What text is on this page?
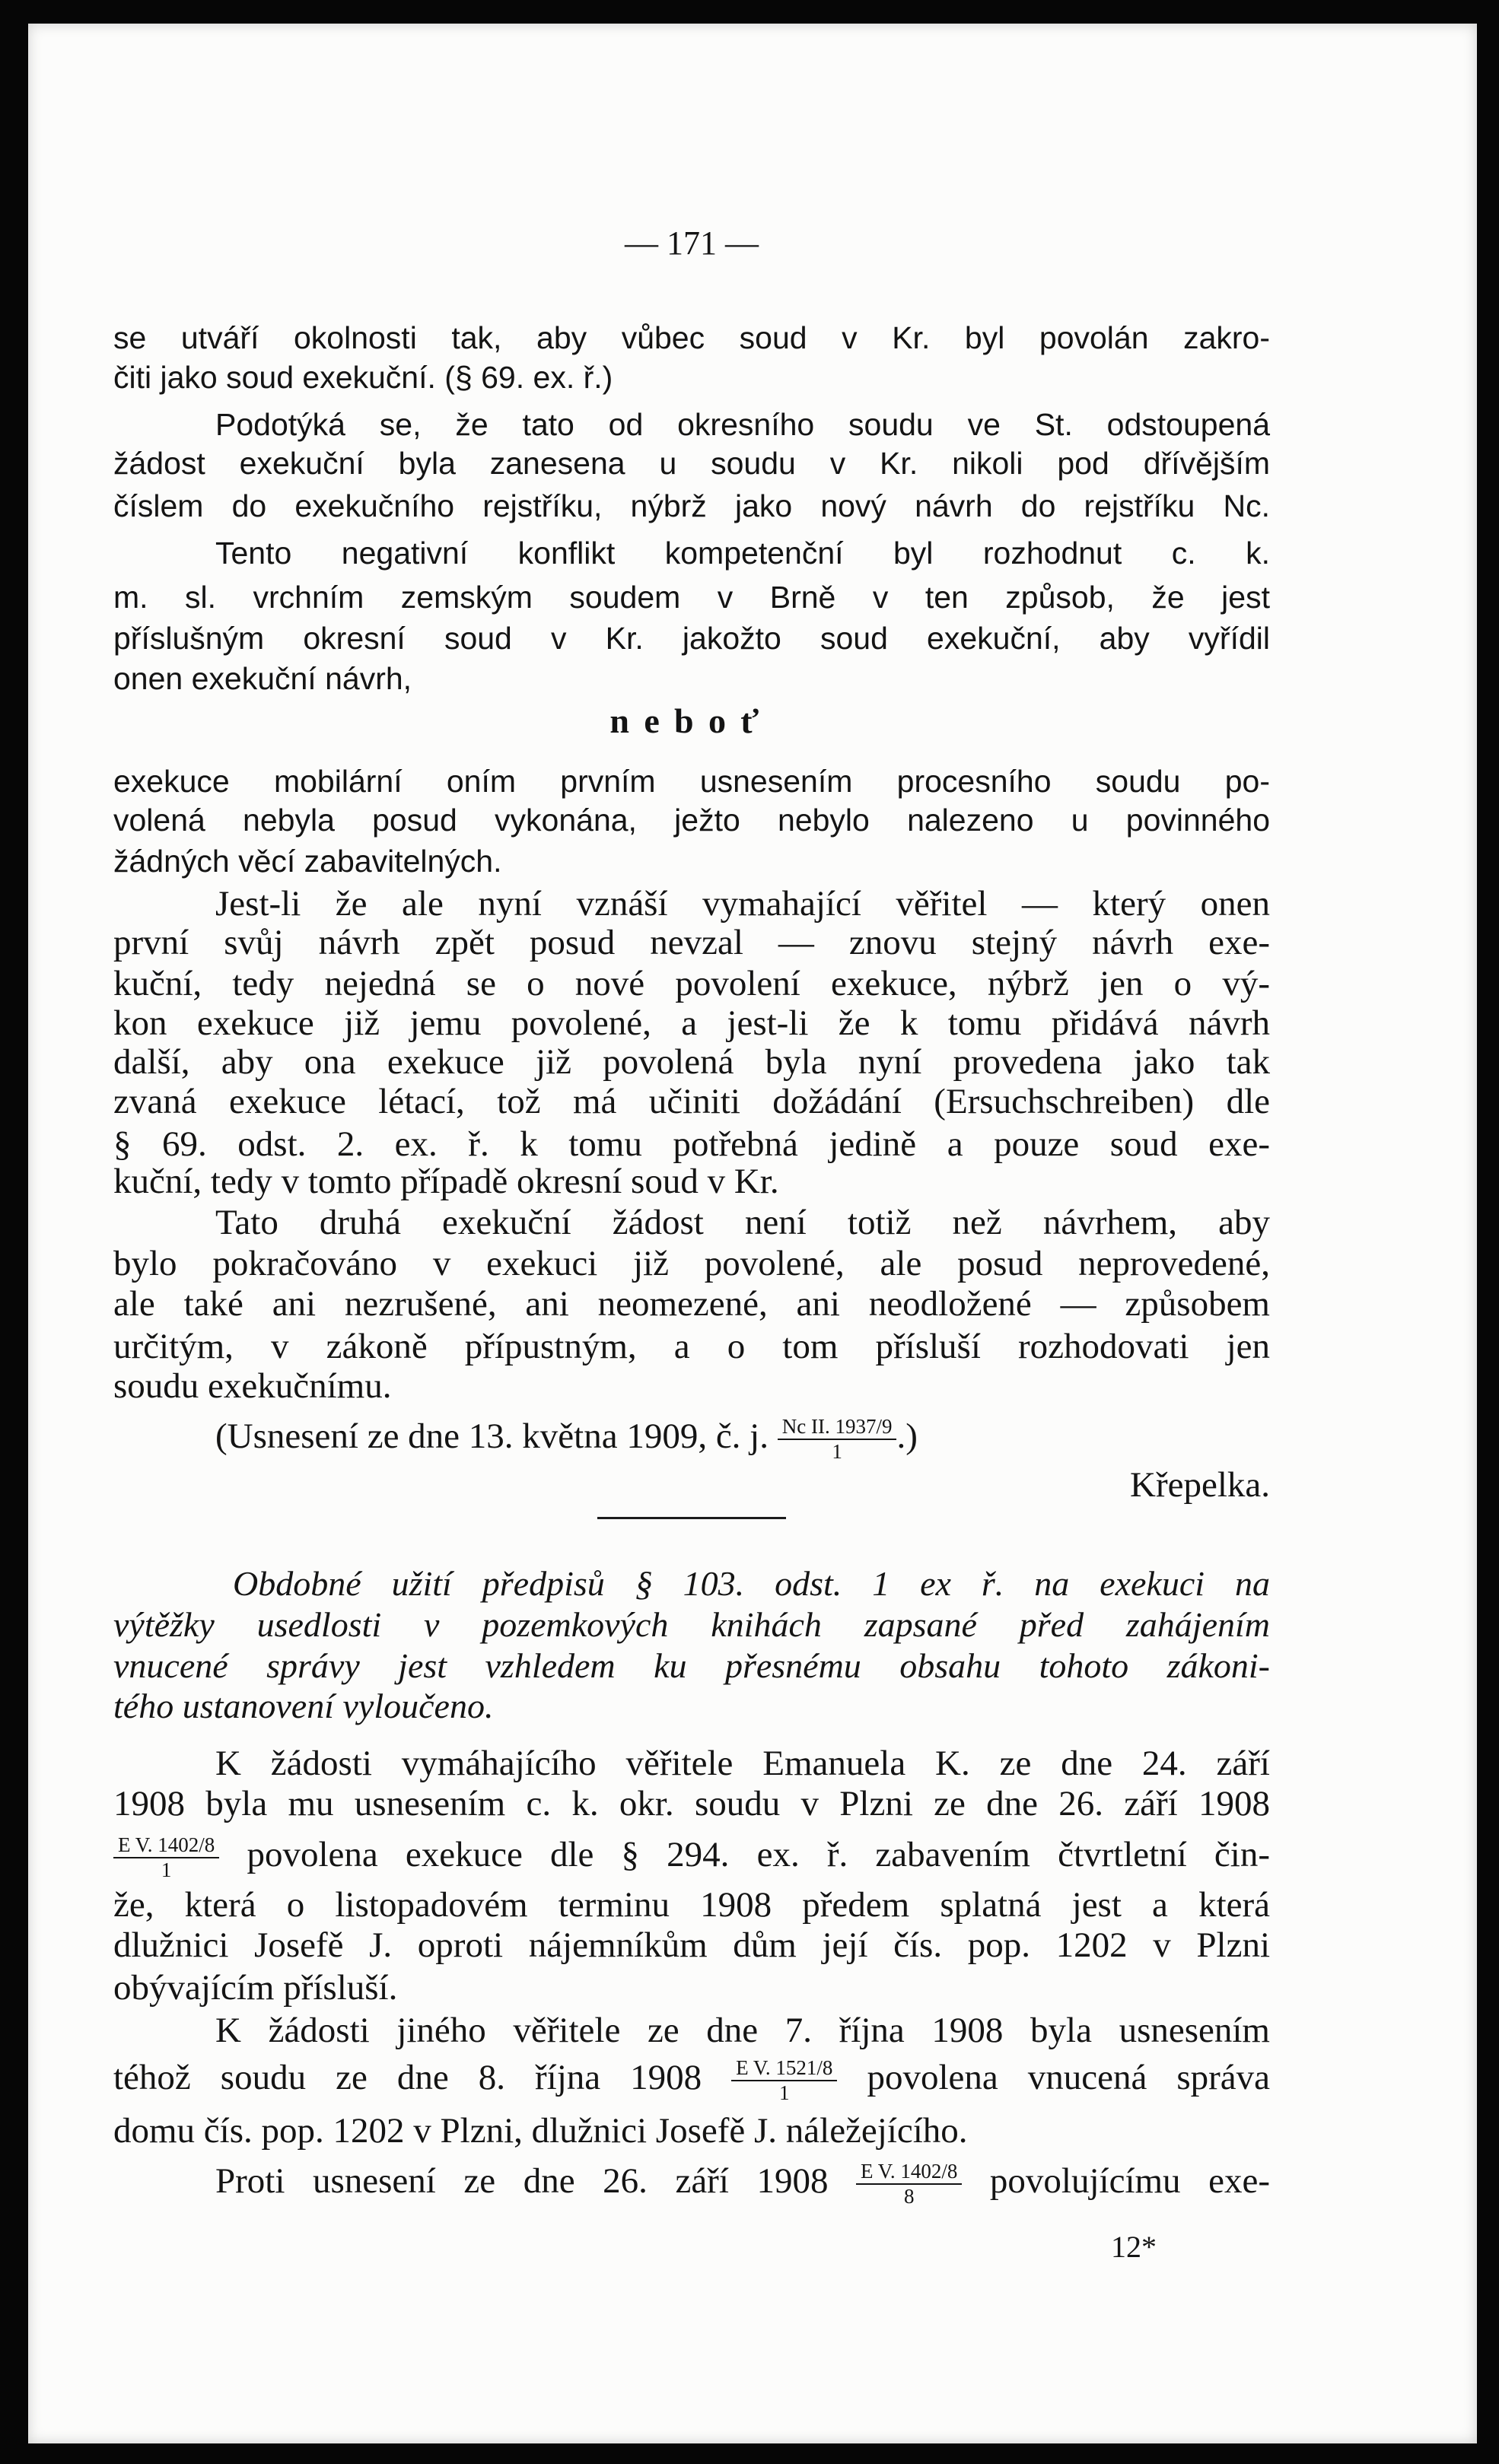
— 171 —
se utváří okolnosti tak, aby vůbec soud v Kr. byl povolán zakro-
čiti jako soud exekuční. (§ 69. ex. ř.)
Podotýká se, že tato od okresního soudu ve St. odstoupená
žádost exekuční byla zanesena u soudu v Kr. nikoli pod dřívějším
číslem do exekučního rejstříku, nýbrž jako nový návrh do rejstříku Nc.
Tento negativní konflikt kompetenční byl rozhodnut c. k.
m. sl. vrchním zemským soudem v Brně v ten způsob, že jest
příslušným okresní soud v Kr. jakožto soud exekuční, aby vyřídil
onen exekuční návrh,
neboť
exekuce mobilární oním prvním usnesením procesního soudu po-
volená nebyla posud vykonána, ježto nebylo nalezeno u povinného
žádných věcí zabavitelných.
Jest-li že ale nyní vznáší vymahající věřitel — který onen
první svůj návrh zpět posud nevzal — znovu stejný návrh exe-
kuční, tedy nejedná se o nové povolení exekuce, nýbrž jen o vý-
kon exekuce již jemu povolené, a jest-li že k tomu přidává návrh
další, aby ona exekuce již povolená byla nyní provedena jako tak
zvaná exekuce létací, tož má učiniti dožádání (Ersuchschreiben) dle
§ 69. odst. 2. ex. ř. k tomu potřebná jedině a pouze soud exe-
kuční, tedy v tomto případě okresní soud v Kr.
Tato druhá exekuční žádost není totiž než návrhem, aby
bylo pokračováno v exekuci již povolené, ale posud neprovedené,
ale také ani nezrušené, ani neomezené, ani neodložené — způsobem
určitým, v zákoně přípustným, a o tom přísluší rozhodovati jen
soudu exekučnímu.
(Usnesení ze dne 13. května 1909, č. j. $\frac{\text{Nc II. 1937/9}}{1}$ .)
Křepelka.
Obdobné užití předpisů § 103. odst. 1 ex ř. na exekuci na
výtěžky usedlosti v pozemkových knihách zapsané před zahájením
vnucené správy jest vzhledem ku přesnému obsahu tohoto zákoni-
tého ustanovení vyloučeno.
K žádosti vymáhajícího věřitele Emanuela K. ze dne 24. září
1908 byla mu usnesením c. k. okr. soudu v Plzni ze dne 26. září 1908
$\frac{\text{E V. 1402/8}}{1}$ povolena exekuce dle § 294. ex. ř. zabavením čtvrtletní čin-
že, která o listopadovém terminu 1908 předem splatná jest a která
dlužnici Josefě J. oproti nájemníkům dům její čís. pop. 1202 v Plzni
obývajícím přísluší.
K žádosti jiného věřitele ze dne 7. října 1908 byla usnesením
téhož soudu ze dne 8. října $1908 \frac{\text{E V. 1521/8}}{1}$ povolena vnucená správa
domu čís. pop. 1202 v Plzni, dlužnici Josefě J. náležejícího.
Proti usnesení ze dne 26. září $1908 \frac{\text{E V. 1402/8}}{8}$ povolujícímu exe-
12*
